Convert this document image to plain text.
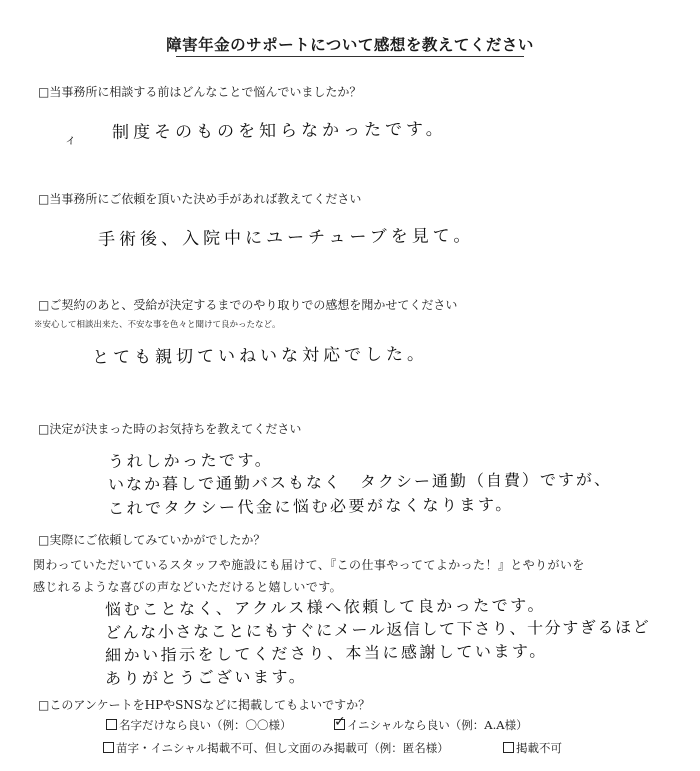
障害年金のサポートについて感想を教えてください
□当事務所に相談する前はどんなことで悩んでいましたか？
ィ 制度そのものを知らなかったです。
□当事務所にご依頼を頂いた決め手があれば教えてください
手術後、入院中にユーチューブを見て。
□ご契約のあと、受給が決定するまでのやり取りでの感想を聞かせてください
※安心して相談出来た、不安な事を色々と聞けて良かったなど。
とても親切ていねいな対応でした。
□決定が決まった時のお気持ちを教えてください
うれしかったです。
いなか暮しで通勤バスもなく　タクシー通勤（自費）ですが、
これでタクシー代金に悩む必要がなくなります。
□実際にご依頼してみていかがでしたか？
関わっていただいているスタッフや施設にも届けて、『この仕事やっててよかった！』とやりがいを
感じれるような喜びの声などいただけると嬉しいです。
悩むことなく、アクルス様へ依頼して良かったです。
どんな小さなことにもすぐにメール返信して下さり、十分すぎるほど
細かい指示をしてくださり、本当に感謝しています。
ありがとうございます。
□このアンケートをHPやSNSなどに掲載してもよいですか？
名字だけなら良い（例：〇〇様）	✓ イニシャルなら良い（例：A.A様）
苗字・イニシャル掲載不可、但し文面のみ掲載可（例：匿名様）	掲載不可
